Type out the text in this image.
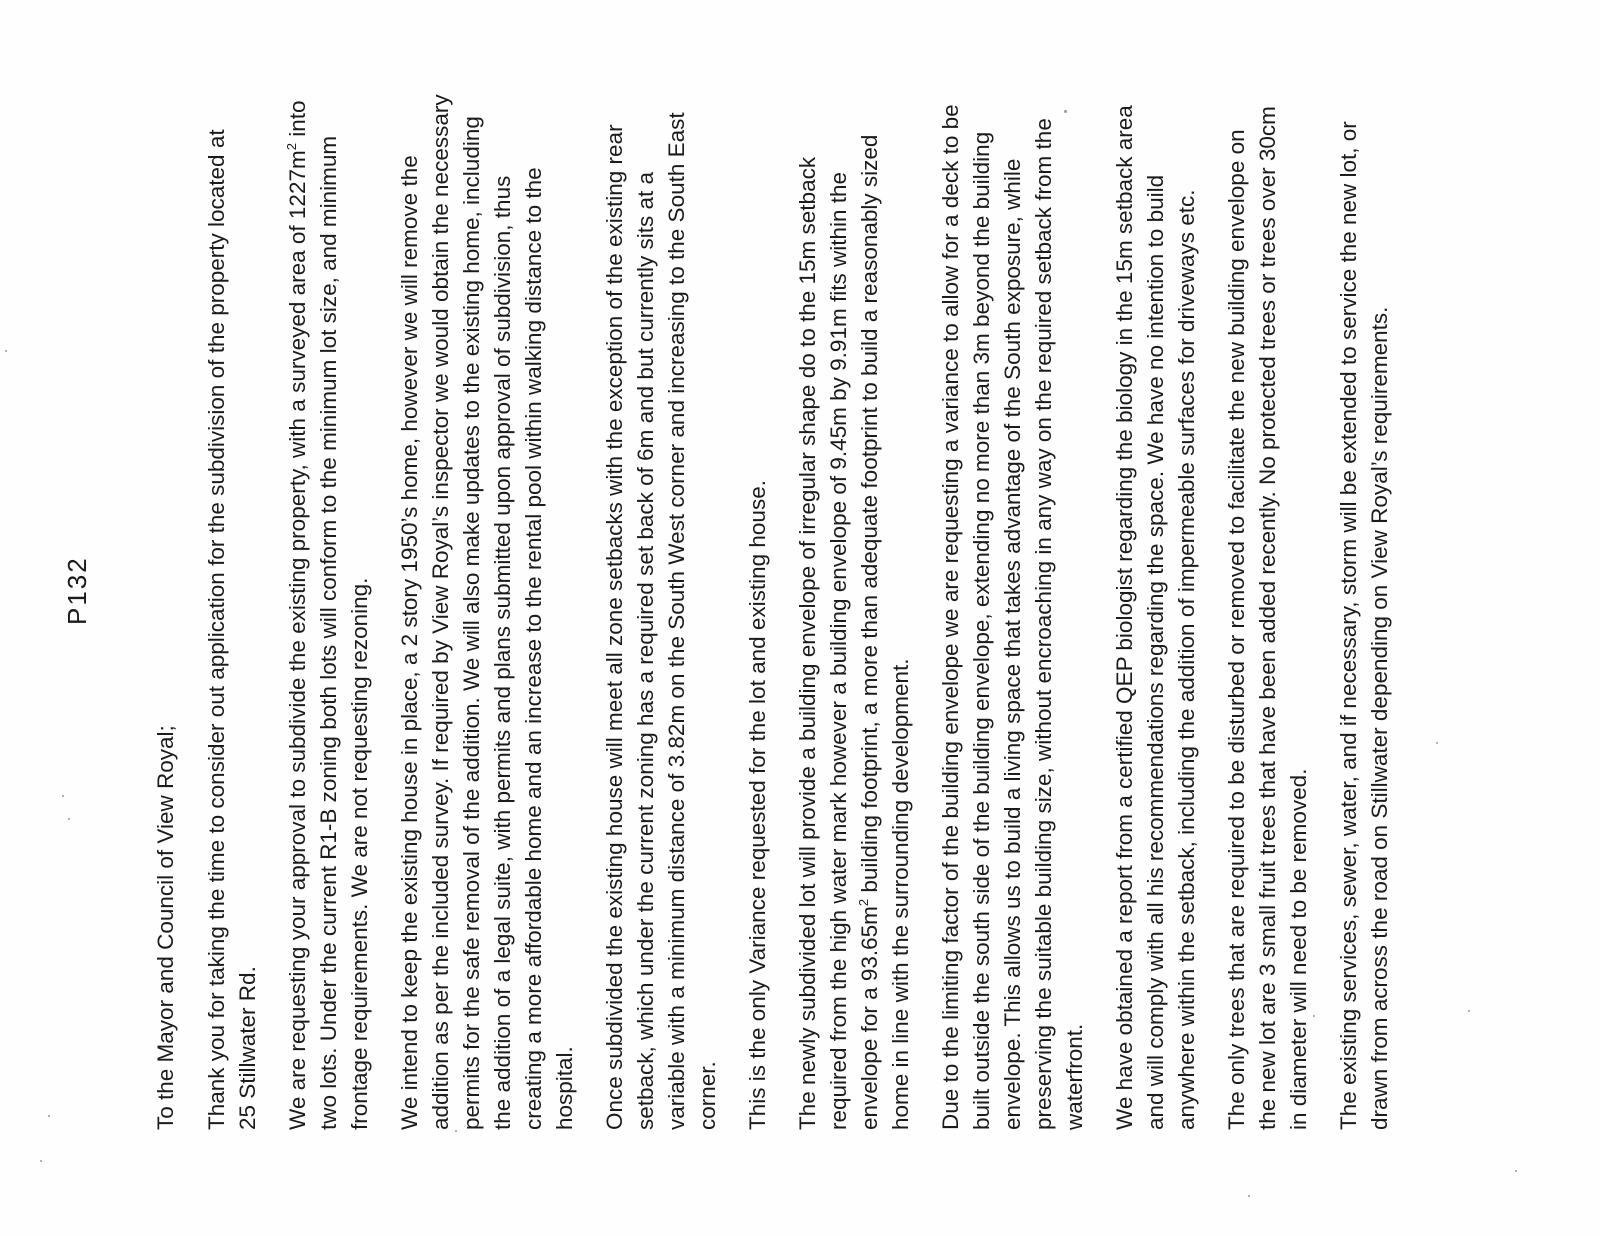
P132
To the Mayor and Council of View Royal; Thank you for taking the time to consider out application for the subdivision of the property located at 25 Stillwater Rd. We are requesting your approval to subdivide the existing property, with a surveyed area of $1227m^2$ into
two lots. Under the current R1-B zoning both lots will conform to the minimum lot size, and minimum frontage requirements. We are not requesting rezoning. We intend to keep the existing house in place, a 2 story 1950’s home, however we will remove the addition as per the included survey. If required by View Royal’s inspector we would obtain the necessary permits for the safe removal of the addition. We will also make updates to the existing home, including the addition of a legal suite, with permits and plans submitted upon approval of subdivision, thus creating a more affordable home and an increase to the rental pool within walking distance to the hospital. Once subdivided the existing house will meet all zone setbacks with the exception of the existing rear setback, which under the current zoning has a required set back of 6m and but currently sits at a variable with a minimum distance of 3.82m on the South West corner and increasing to the South East corner. This is the only Variance requested for the lot and existing house. The newly subdivided lot will provide a building envelope of irregular shape do to the 15m setback required from the high water mark however a building envelope of 9.45m by 9.91m fits within the envelope for a $93.65m^2$ building footprint, a more than adequate footprint to build a reasonably sized home in line with the surrounding development. Due to the limiting factor of the building envelope we are requesting a variance to allow for a deck to be built outside the south side of the building envelope, extending no more than 3m beyond the building envelope. This allows us to build a living space that takes advantage of the South exposure, while preserving the suitable building size, without encroaching in any way on the required setback from the waterfront. We have obtained a report from a certified QEP biologist regarding the biology in the 15m setback area and will comply with all his recommendations regarding the space. We have no intention to build anywhere within the setback, including the addition of impermeable surfaces for driveways etc. The only trees that are required to be disturbed or removed to facilitate the new building envelope on the new lot are 3 small fruit trees that have been added recently. No protected trees or trees over 30cm in diameter will need to be removed. The existing services, sewer, water, and if necessary, storm will be extended to service the new lot, or drawn from across the road on Stillwater depending on View Royal’s requirements.
